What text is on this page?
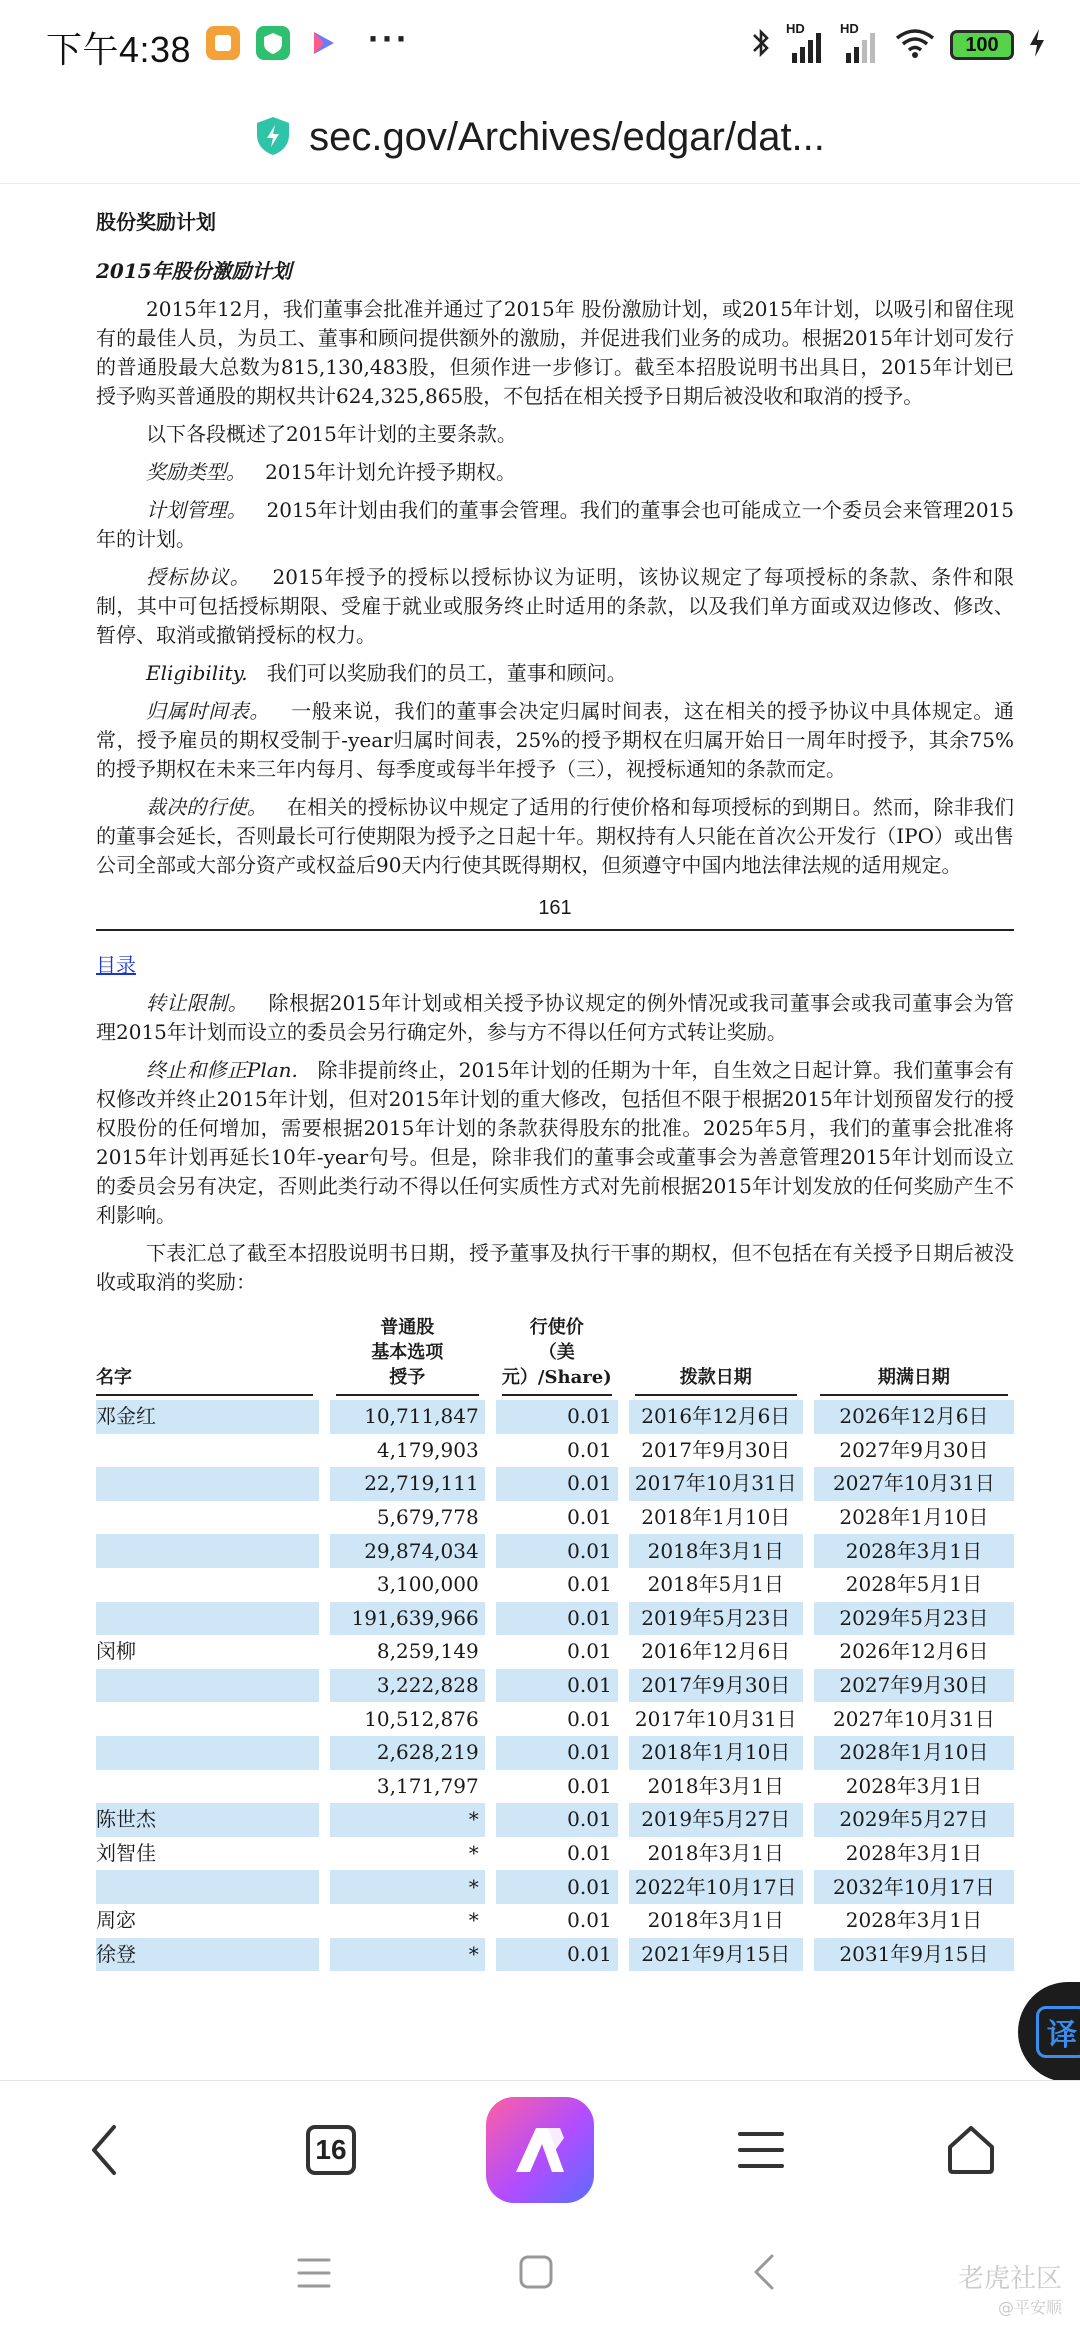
下午4:38	···	HD	HD
100
sec.gov/Archives/edgar/dat...
股份奖励计划
2015年股份激励计划

2015年12月，我们董事会批准并通过了2015年 股份激励计划，或2015年计划，以吸引和留住现有的最佳人员，为员工、董事和顾问提供额外的激励，并促进我们业务的成功。根据2015年计划可发行的普通股最大总数为815,130,483股，但须作进一步修订。截至本招股说明书出具日，2015年计划已授予购买普通股的期权共计624,325,865股，不包括在相关授予日期后被没收和取消的授予。

以下各段概述了2015年计划的主要条款。

奖励类型。 2015年计划允许授予期权。

计划管理。 2015年计划由我们的董事会管理。我们的董事会也可能成立一个委员会来管理2015年的计划。

授标协议。 2015年授予的授标以授标协议为证明，该协议规定了每项授标的条款、条件和限制，其中可包括授标期限、受雇于就业或服务终止时适用的条款，以及我们单方面或双边修改、修改、暂停、取消或撤销授标的权力。

Eligibility. 我们可以奖励我们的员工，董事和顾问。

归属时间表。 一般来说，我们的董事会决定归属时间表，这在相关的授予协议中具体规定。通常，授予雇员的期权受制于-year归属时间表，25%的授予期权在归属开始日一周年时授予，其余75%的授予期权在未来三年内每月、每季度或每半年授予（三），视授标通知的条款而定。

裁决的行使。 在相关的授标协议中规定了适用的行使价格和每项授标的到期日。然而，除非我们的董事会延长，否则最长可行使期限为授予之日起十年。期权持有人只能在首次公开发行（IPO）或出售公司全部或大部分资产或权益后90天内行使其既得期权，但须遵守中国内地法律法规的适用规定。

161
目录

转让限制。 除根据2015年计划或相关授予协议规定的例外情况或我司董事会或我司董事会为管理2015年计划而设立的委员会另行确定外，参与方不得以任何方式转让奖励。

终止和修正Plan. 除非提前终止，2015年计划的任期为十年，自生效之日起计算。我们董事会有权修改并终止2015年计划，但对2015年计划的重大修改，包括但不限于根据2015年计划预留发行的授权股份的任何增加，需要根据2015年计划的条款获得股东的批准。2025年5月，我们的董事会批准将2015年计划再延长10年-year句号。但是，除非我们的董事会或董事会为善意管理2015年计划而设立的委员会另有决定，否则此类行动不得以任何实质性方式对先前根据2015年计划发放的任何奖励产生不利影响。

下表汇总了截至本招股说明书日期，授予董事及执行干事的期权，但不包括在有关授予日期后被没收或取消的奖励：

名字		普通股
基本选项
授予		行使价
（美
元）/Share)		拨款日期		期满日期

邓金红		10,711,847		0.01		2016年12月6日		2026年12月6日
		4,179,903		0.01		2017年9月30日		2027年9月30日
		22,719,111		0.01		2017年10月31日		2027年10月31日
		5,679,778		0.01		2018年1月10日		2028年1月10日
		29,874,034		0.01		2018年3月1日		2028年3月1日
		3,100,000		0.01		2018年5月1日		2028年5月1日
		191,639,966		0.01		2019年5月23日		2029年5月23日
闵柳		8,259,149		0.01		2016年12月6日		2026年12月6日
		3,222,828		0.01		2017年9月30日		2027年9月30日
		10,512,876		0.01		2017年10月31日		2027年10月31日
		2,628,219		0.01		2018年1月10日		2028年1月10日
		3,171,797		0.01		2018年3月1日		2028年3月1日
陈世杰		*		0.01		2019年5月27日		2029年5月27日
刘智佳		*		0.01		2018年3月1日		2028年3月1日
		*		0.01		2022年10月17日		2032年10月17日
周宓		*		0.01		2018年3月1日		2028年3月1日
徐登		*		0.01		2021年9月15日		2031年9月15日
译
16
老虎社区
@平安顺
